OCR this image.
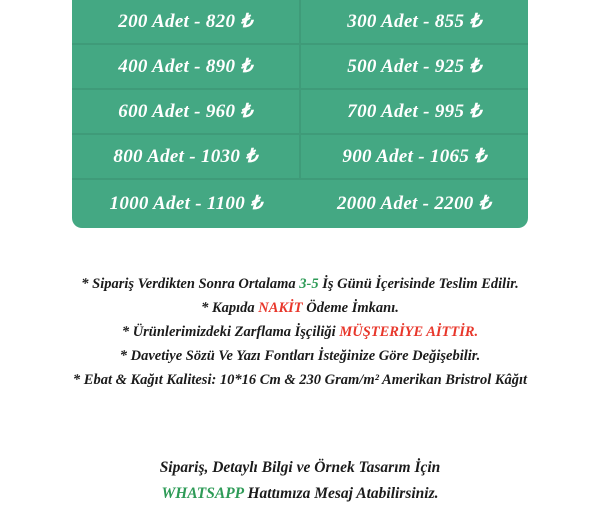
200 Adet - 820 ₺	300 Adet - 855 ₺
400 Adet - 890 ₺	500 Adet - 925 ₺
600 Adet - 960 ₺	700 Adet - 995 ₺
800 Adet - 1030 ₺	900 Adet - 1065 ₺
1000 Adet - 1100 ₺	2000 Adet - 2200 ₺
* Sipariş Verdikten Sonra Ortalama 3-5 İş Günü İçerisinde Teslim Edilir.
* Kapıda NAKİT Ödeme İmkanı.
* Ürünlerimizdeki Zarflama İşçiliği MÜŞTERİYE AİTTİR.
* Davetiye Sözü Ve Yazı Fontları İsteğinize Göre Değişebilir.
* Ebat & Kağıt Kalitesi: 10*16 Cm & 230 Gram/m² Amerikan Bristrol Kâğıt
Sipariş, Detaylı Bilgi ve Örnek Tasarım İçin
WHATSAPP Hattımıza Mesaj Atabilirsiniz.
